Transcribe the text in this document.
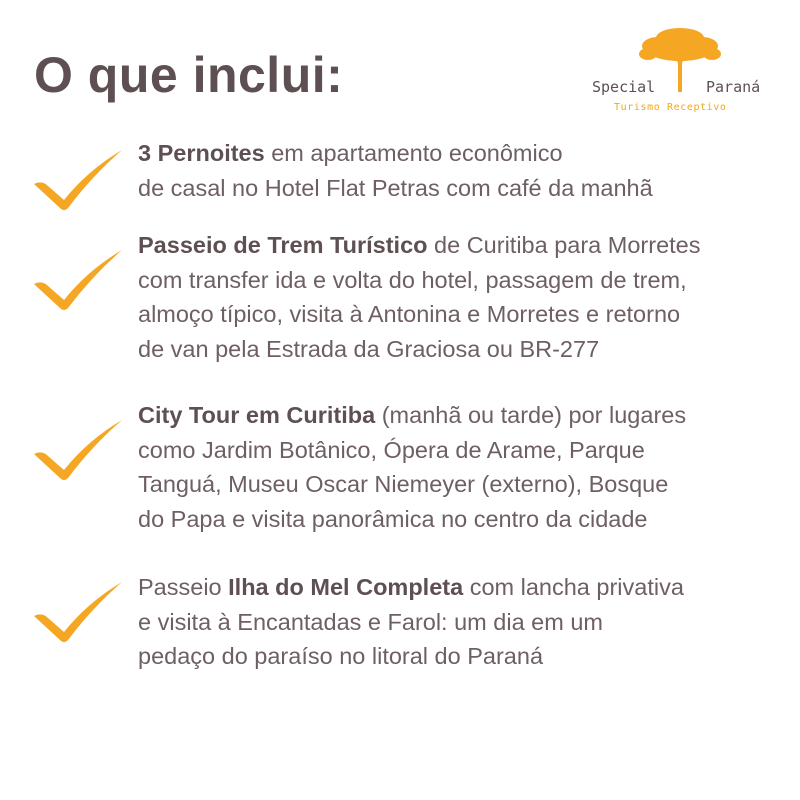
O que inclui:	Special	Paraná
Turismo Receptivo
3 Pernoites em apartamento econômico
de casal no Hotel Flat Petras com café da manhã
Passeio de Trem Turístico de Curitiba para Morretes
com transfer ida e volta do hotel, passagem de trem,
almoço típico, visita à Antonina e Morretes e retorno
de van pela Estrada da Graciosa ou BR-277
City Tour em Curitiba (manhã ou tarde) por lugares
como Jardim Botânico, Ópera de Arame, Parque
Tanguá, Museu Oscar Niemeyer (externo), Bosque
do Papa e visita panorâmica no centro da cidade
Passeio Ilha do Mel Completa com lancha privativa
e visita à Encantadas e Farol: um dia em um
pedaço do paraíso no litoral do Paraná
